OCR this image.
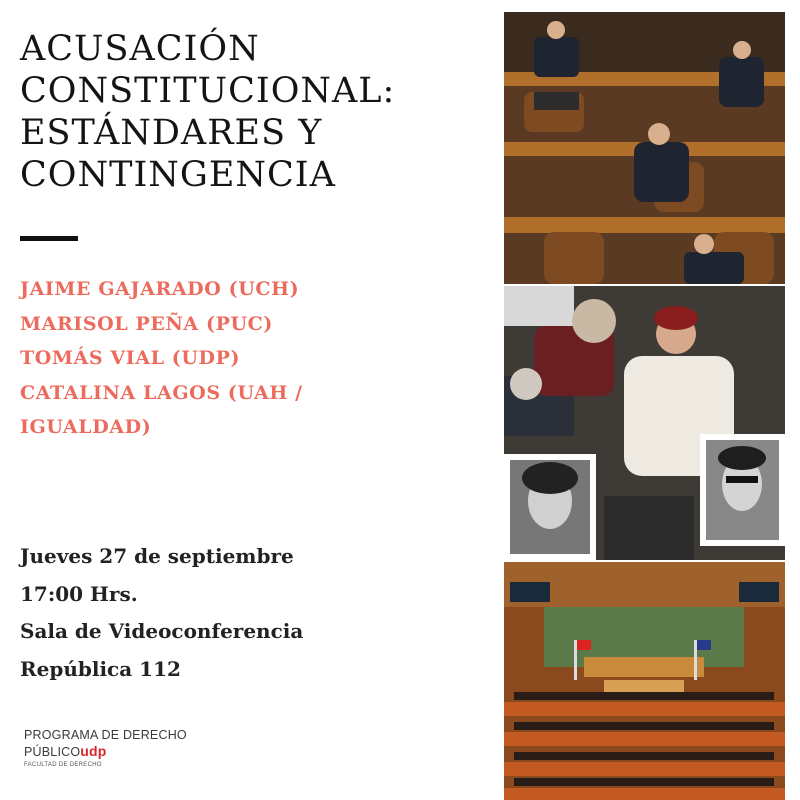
ACUSACIÓN
CONSTITUCIONAL:
ESTÁNDARES Y
CONTINGENCIA
JAIME GAJARADO (UCH)
MARISOL PEÑA (PUC)
TOMÁS VIAL (UDP)
CATALINA LAGOS (UAH /
IGUALDAD)
Jueves 27 de septiembre
17:00 Hrs.
Sala de Videoconferencia
República 112
PROGRAMA DE DERECHO
PÚBLICOudp
FACULTAD DE DERECHO
